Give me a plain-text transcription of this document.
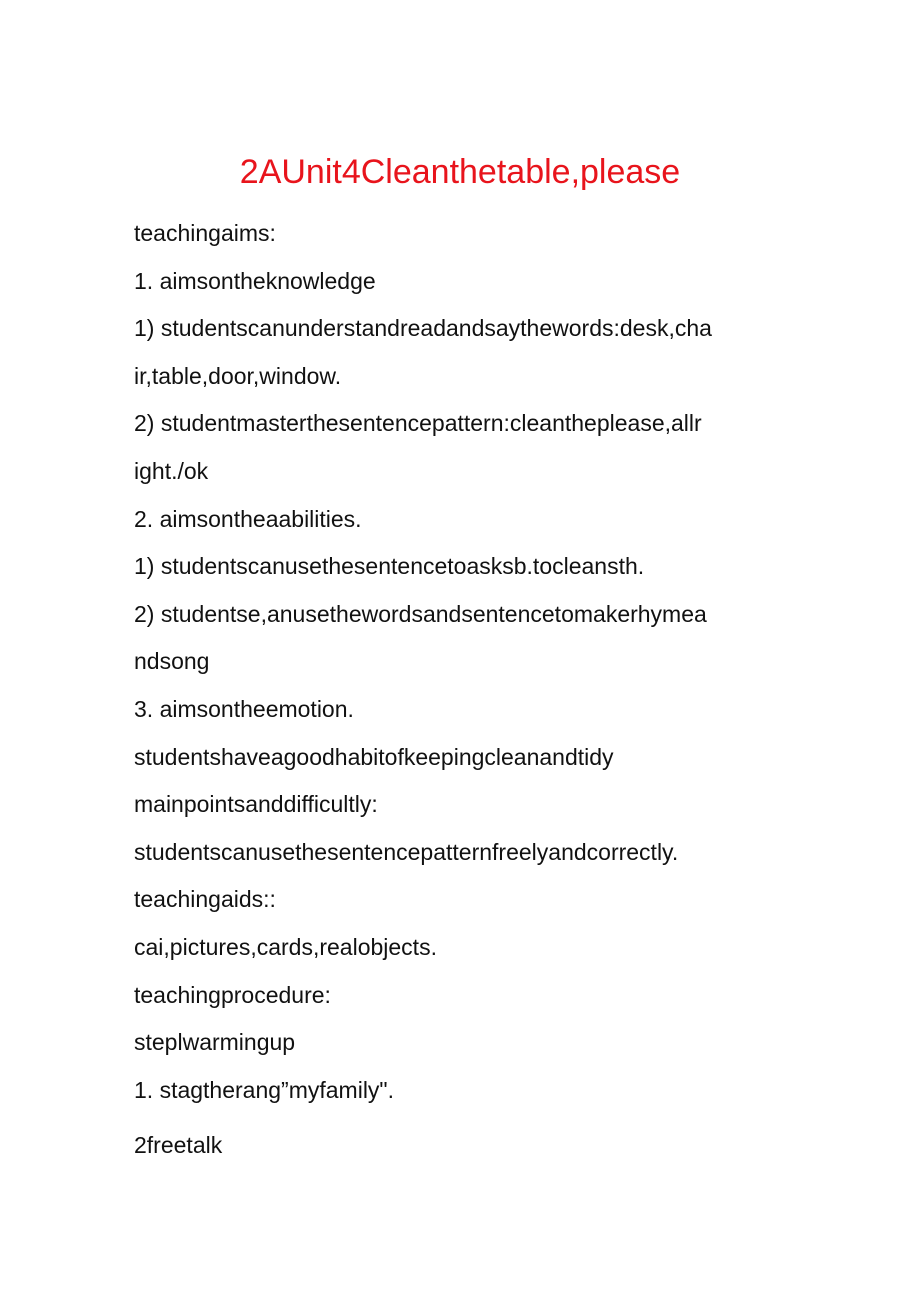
2AUnit4Cleanthetable,please
teachingaims:
1. aimsontheknowledge
1) studentscanunderstandreadandsaythewords:desk,cha
ir,table,door,window.
2) studentmasterthesentencepattern:cleantheplease,allr
ight./ok
2. aimsontheaabilities.
1) studentscanusethesentencetoasksb.tocleansth.
2) studentse,anusethewordsandsentencetomakerhymea
ndsong
3. aimsontheemotion.
studentshaveagoodhabitofkeepingcleanandtidy
mainpointsanddifficultly:
studentscanusethesentencepatternfreelyandcorrectly.
teachingaids::
cai,pictures,cards,realobjects.
teachingprocedure:
steplwarmingup
1. stagtherang”myfamily".
2freetalk
